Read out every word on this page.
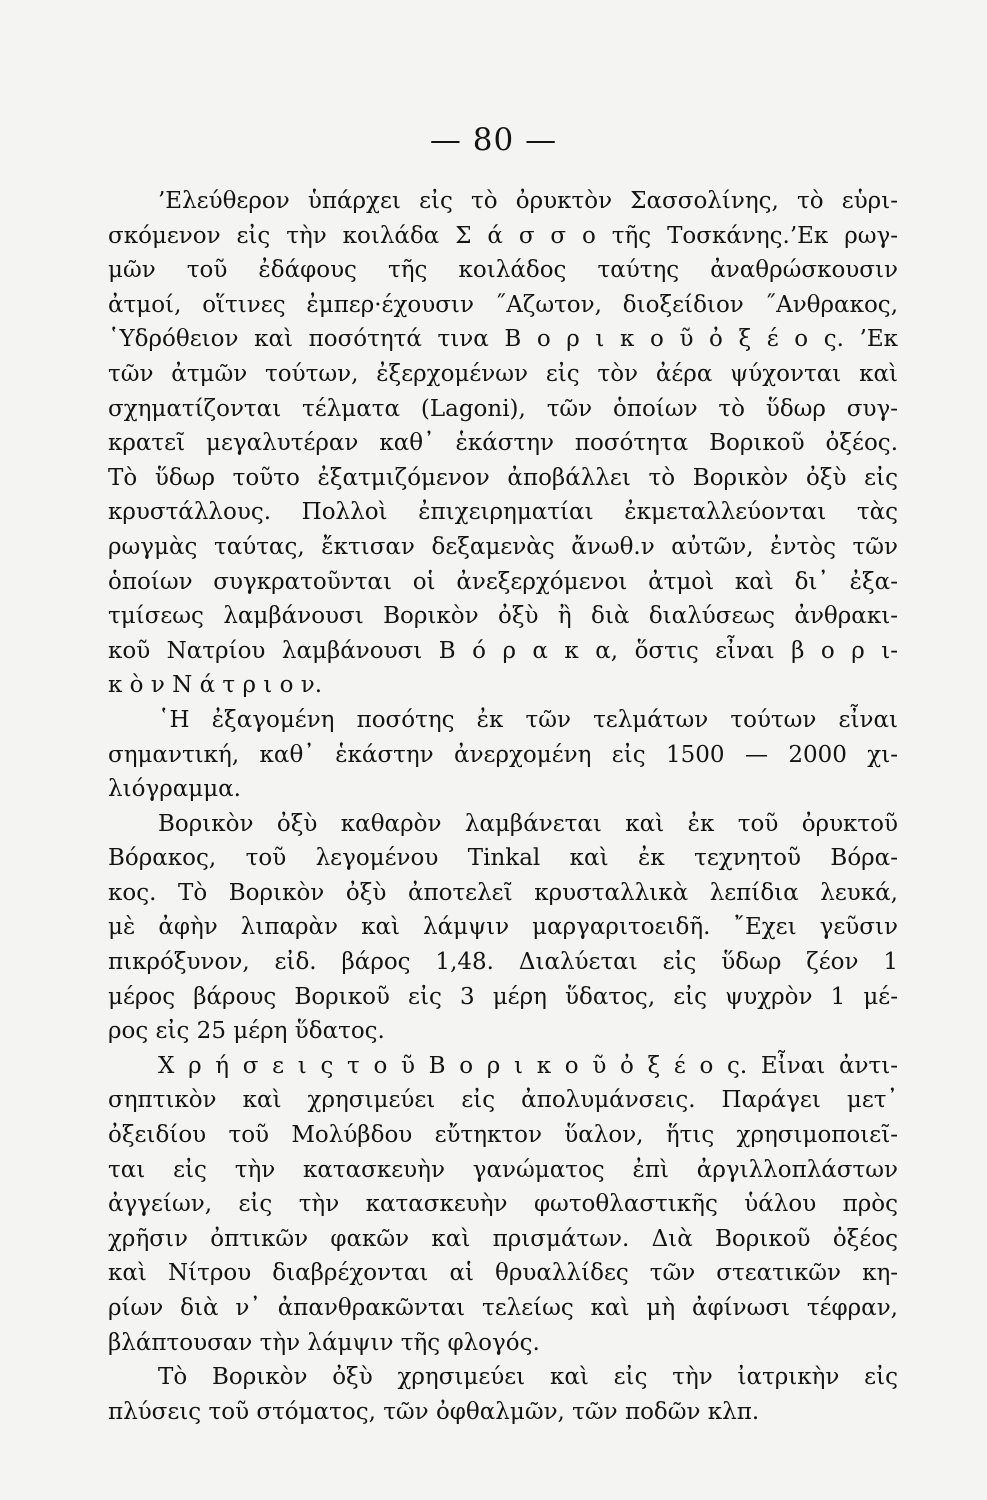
— 80 —
’Ελεύθερον ὑπάρχει εἰς τὸ ὀρυκτὸν Σασσολίνης, τὸ εὑρι-
σκόμενον εἰς τὴν κοιλάδα Σ ά σ σ ο τῆς Τοσκάνης.’Εκ ρωγ-
μῶν τοῦ ἐδάφους τῆς κοιλάδος ταύτης ἀναθρώσκουσιν
ἀτμοί, οἵτινες ἐμπερ·έχουσιν ˝Αζωτον, διοξείδιον ˝Ανθρακος,
῾Υδρόθειον καὶ ποσότητά τινα Β ο ρ ι κ ο ῦ ὀ ξ έ ο ς. ’Εκ
τῶν ἀτμῶν τούτων, ἐξερχομένων εἰς τὸν ἀέρα ψύχονται καὶ
σχηματίζονται τέλματα (Lagoni), τῶν ὁποίων τὸ ὕδωρ συγ-
κρατεῖ μεγαλυτέραν καθ᾿ ἑκάστην ποσότητα Βορικοῦ ὀξέος.
Τὸ ὕδωρ τοῦτο ἐξατμιζόμενον ἀποβάλλει τὸ Βορικὸν ὀξὺ εἰς
κρυστάλλους. Πολλοὶ ἐπιχειρηματίαι ἐκμεταλλεύονται τὰς
ρωγμὰς ταύτας, ἔκτισαν δεξαμενὰς ἄνωθ.ν αὐτῶν, ἐντὸς τῶν
ὁποίων συγκρατοῦνται οἱ ἀνεξερχόμενοι ἀτμοὶ καὶ δι᾿ ἐξα-
τμίσεως λαμβάνουσι Βορικὸν ὀξὺ ἢ διὰ διαλύσεως ἀνθρακι-
κοῦ Νατρίου λαμβάνουσι Β ό ρ α κ α, ὅστις εἶναι β ο ρ ι-
κ ὸ ν Ν ά τ ρ ι ο ν.
῾Η ἐξαγομένη ποσότης ἐκ τῶν τελμάτων τούτων εἶναι
σημαντική, καθ᾿ ἑκάστην ἀνερχομένη εἰς 1500 — 2000 χι-
λιόγραμμα.
Βορικὸν ὀξὺ καθαρὸν λαμβάνεται καὶ ἐκ τοῦ ὀρυκτοῦ
Βόρακος, τοῦ λεγομένου Tinkal καὶ ἐκ τεχνητοῦ Βόρα-
κος. Τὸ Βορικὸν ὀξὺ ἀποτελεῖ κρυσταλλικὰ λεπίδια λευκά,
μὲ ἀφὴν λιπαρὰν καὶ λάμψιν μαργαριτοειδῆ. ῎Εχει γεῦσιν
πικρόξυνον, εἰδ. βάρος 1,48. Διαλύεται εἰς ὕδωρ ζέον 1
μέρος βάρους Βορικοῦ εἰς 3 μέρη ὕδατος, εἰς ψυχρὸν 1 μέ-
ρος εἰς 25 μέρη ὕδατος.
Χ ρ ή σ ε ι ς τ ο ῦ Β ο ρ ι κ ο ῦ ὀ ξ έ ο ς. Εἶναι ἀντι-
σηπτικὸν καὶ χρησιμεύει εἰς ἀπολυμάνσεις. Παράγει μετ᾿
ὀξειδίου τοῦ Μολύβδου εὔτηκτον ὕαλον, ἥτις χρησιμοποιεῖ-
ται εἰς τὴν κατασκευὴν γανώματος ἐπὶ ἀργιλλοπλάστων
ἀγγείων, εἰς τὴν κατασκευὴν φωτοθλαστικῆς ὑάλου πρὸς
χρῆσιν ὀπτικῶν φακῶν καὶ πρισμάτων. Διὰ Βορικοῦ ὀξέος
καὶ Νίτρου διαβρέχονται αἱ θρυαλλίδες τῶν στεατικῶν κη-
ρίων διὰ ν᾿ ἀπανθρακῶνται τελείως καὶ μὴ ἀφίνωσι τέφραν,
βλάπτουσαν τὴν λάμψιν τῆς φλογός.
Τὸ Βορικὸν ὀξὺ χρησιμεύει καὶ εἰς τὴν ἰατρικὴν εἰς
πλύσεις τοῦ στόματος, τῶν ὀφθαλμῶν, τῶν ποδῶν κλπ.
